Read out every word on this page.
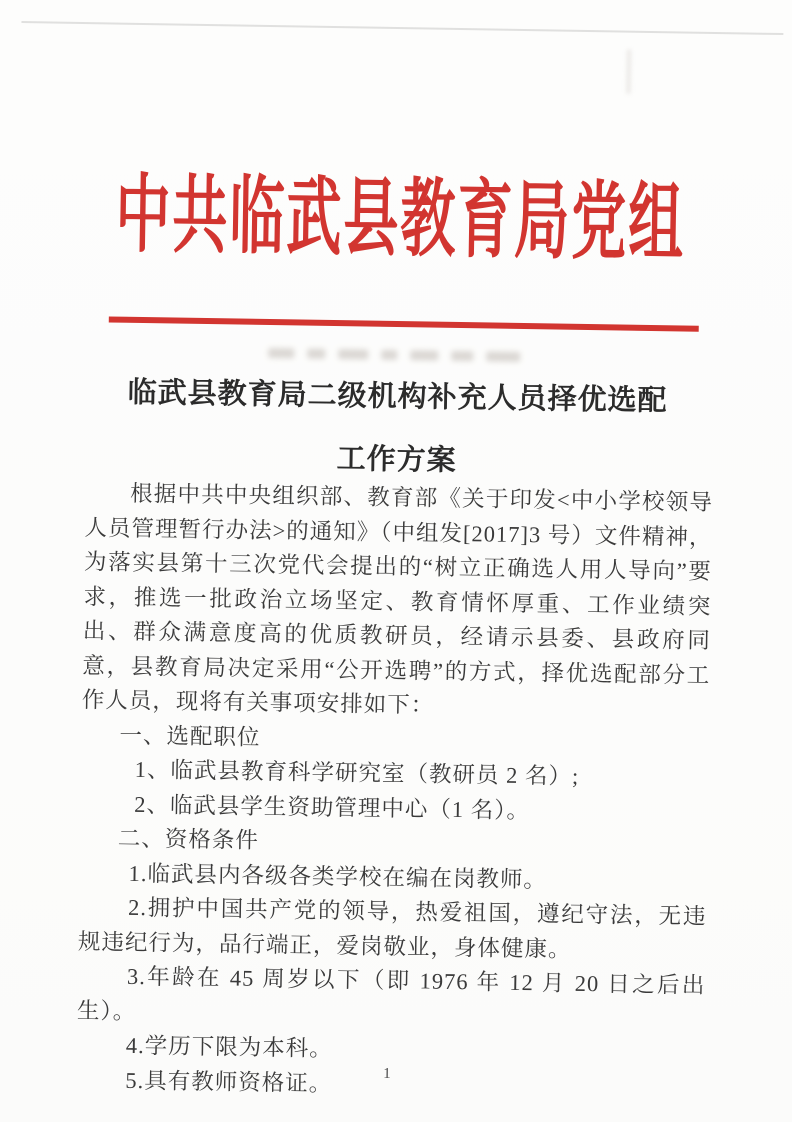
中共临武县教育局党组
临武县教育局二级机构补充人员择优选配
工作方案

根据中共中央组织部、教育部《关于印发<中小学校领导人员管理暂行办法>的通知》（中组发[2017]3 号）文件精神，为落实县第十三次党代会提出的“树立正确选人用人导向”要求，推选一批政治立场坚定、教育情怀厚重、工作业绩突出、群众满意度高的优质教研员，经请示县委、县政府同意，县教育局决定采用“公开选聘”的方式，择优选配部分工作人员，现将有关事项安排如下：

一、选配职位

1、临武县教育科学研究室（教研员 2 名）;

2、临武县学生资助管理中心（1 名）。

二、资格条件

1.临武县内各级各类学校在编在岗教师。

2.拥护中国共产党的领导，热爱祖国，遵纪守法，无违规违纪行为，品行端正，爱岗敬业，身体健康。

3.年龄在 45 周岁以下（即 1976 年 12 月 20 日之后出生）。

4.学历下限为本科。

5.具有教师资格证。	1
